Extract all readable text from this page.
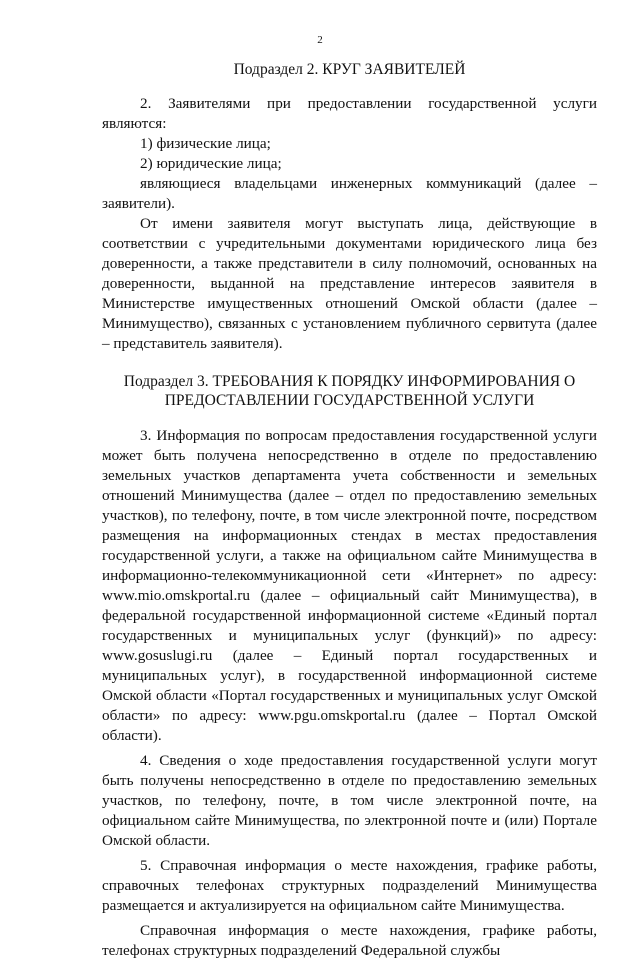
2
Подраздел 2. КРУГ ЗАЯВИТЕЛЕЙ

2. Заявителями при предоставлении государственной услуги являются:

1) физические лица;

2) юридические лица;

являющиеся владельцами инженерных коммуникаций (далее – заявители).

От имени заявителя могут выступать лица, действующие в соответствии с учредительными документами юридического лица без доверенности, а также представители в силу полномочий, основанных на доверенности, выданной на представление интересов заявителя в Министерстве имущественных отношений Омской области (далее – Минимущество), связанных с установлением публичного сервитута (далее – представитель заявителя).

Подраздел 3. ТРЕБОВАНИЯ К ПОРЯДКУ ИНФОРМИРОВАНИЯ О
ПРЕДОСТАВЛЕНИИ ГОСУДАРСТВЕННОЙ УСЛУГИ

3. Информация по вопросам предоставления государственной услуги может быть получена непосредственно в отделе по предоставлению земельных участков департамента учета собственности и земельных отношений Минимущества (далее – отдел по предоставлению земельных участков), по телефону, почте, в том числе электронной почте, посредством размещения на информационных стендах в местах предоставления государственной услуги, а также на официальном сайте Минимущества в информационно-телекоммуникационной сети «Интернет» по адресу: www.mio.omskportal.ru (далее – официальный сайт Минимущества), в федеральной государственной информационной системе «Единый портал государственных и муниципальных услуг (функций)» по адресу: www.gosuslugi.ru (далее – Единый портал государственных и муниципальных услуг), в государственной информационной системе Омской области «Портал государственных и муниципальных услуг Омской области» по адресу: www.pgu.omskportal.ru (далее – Портал Омской области).

4. Сведения о ходе предоставления государственной услуги могут быть получены непосредственно в отделе по предоставлению земельных участков, по телефону, почте, в том числе электронной почте, на официальном сайте Минимущества, по электронной почте и (или) Портале Омской области.

5. Справочная информация о месте нахождения, графике работы, справочных телефонах структурных подразделений Минимущества размещается и актуализируется на официальном сайте Минимущества.

Справочная информация о месте нахождения, графике работы, телефонах структурных подразделений Федеральной службы
